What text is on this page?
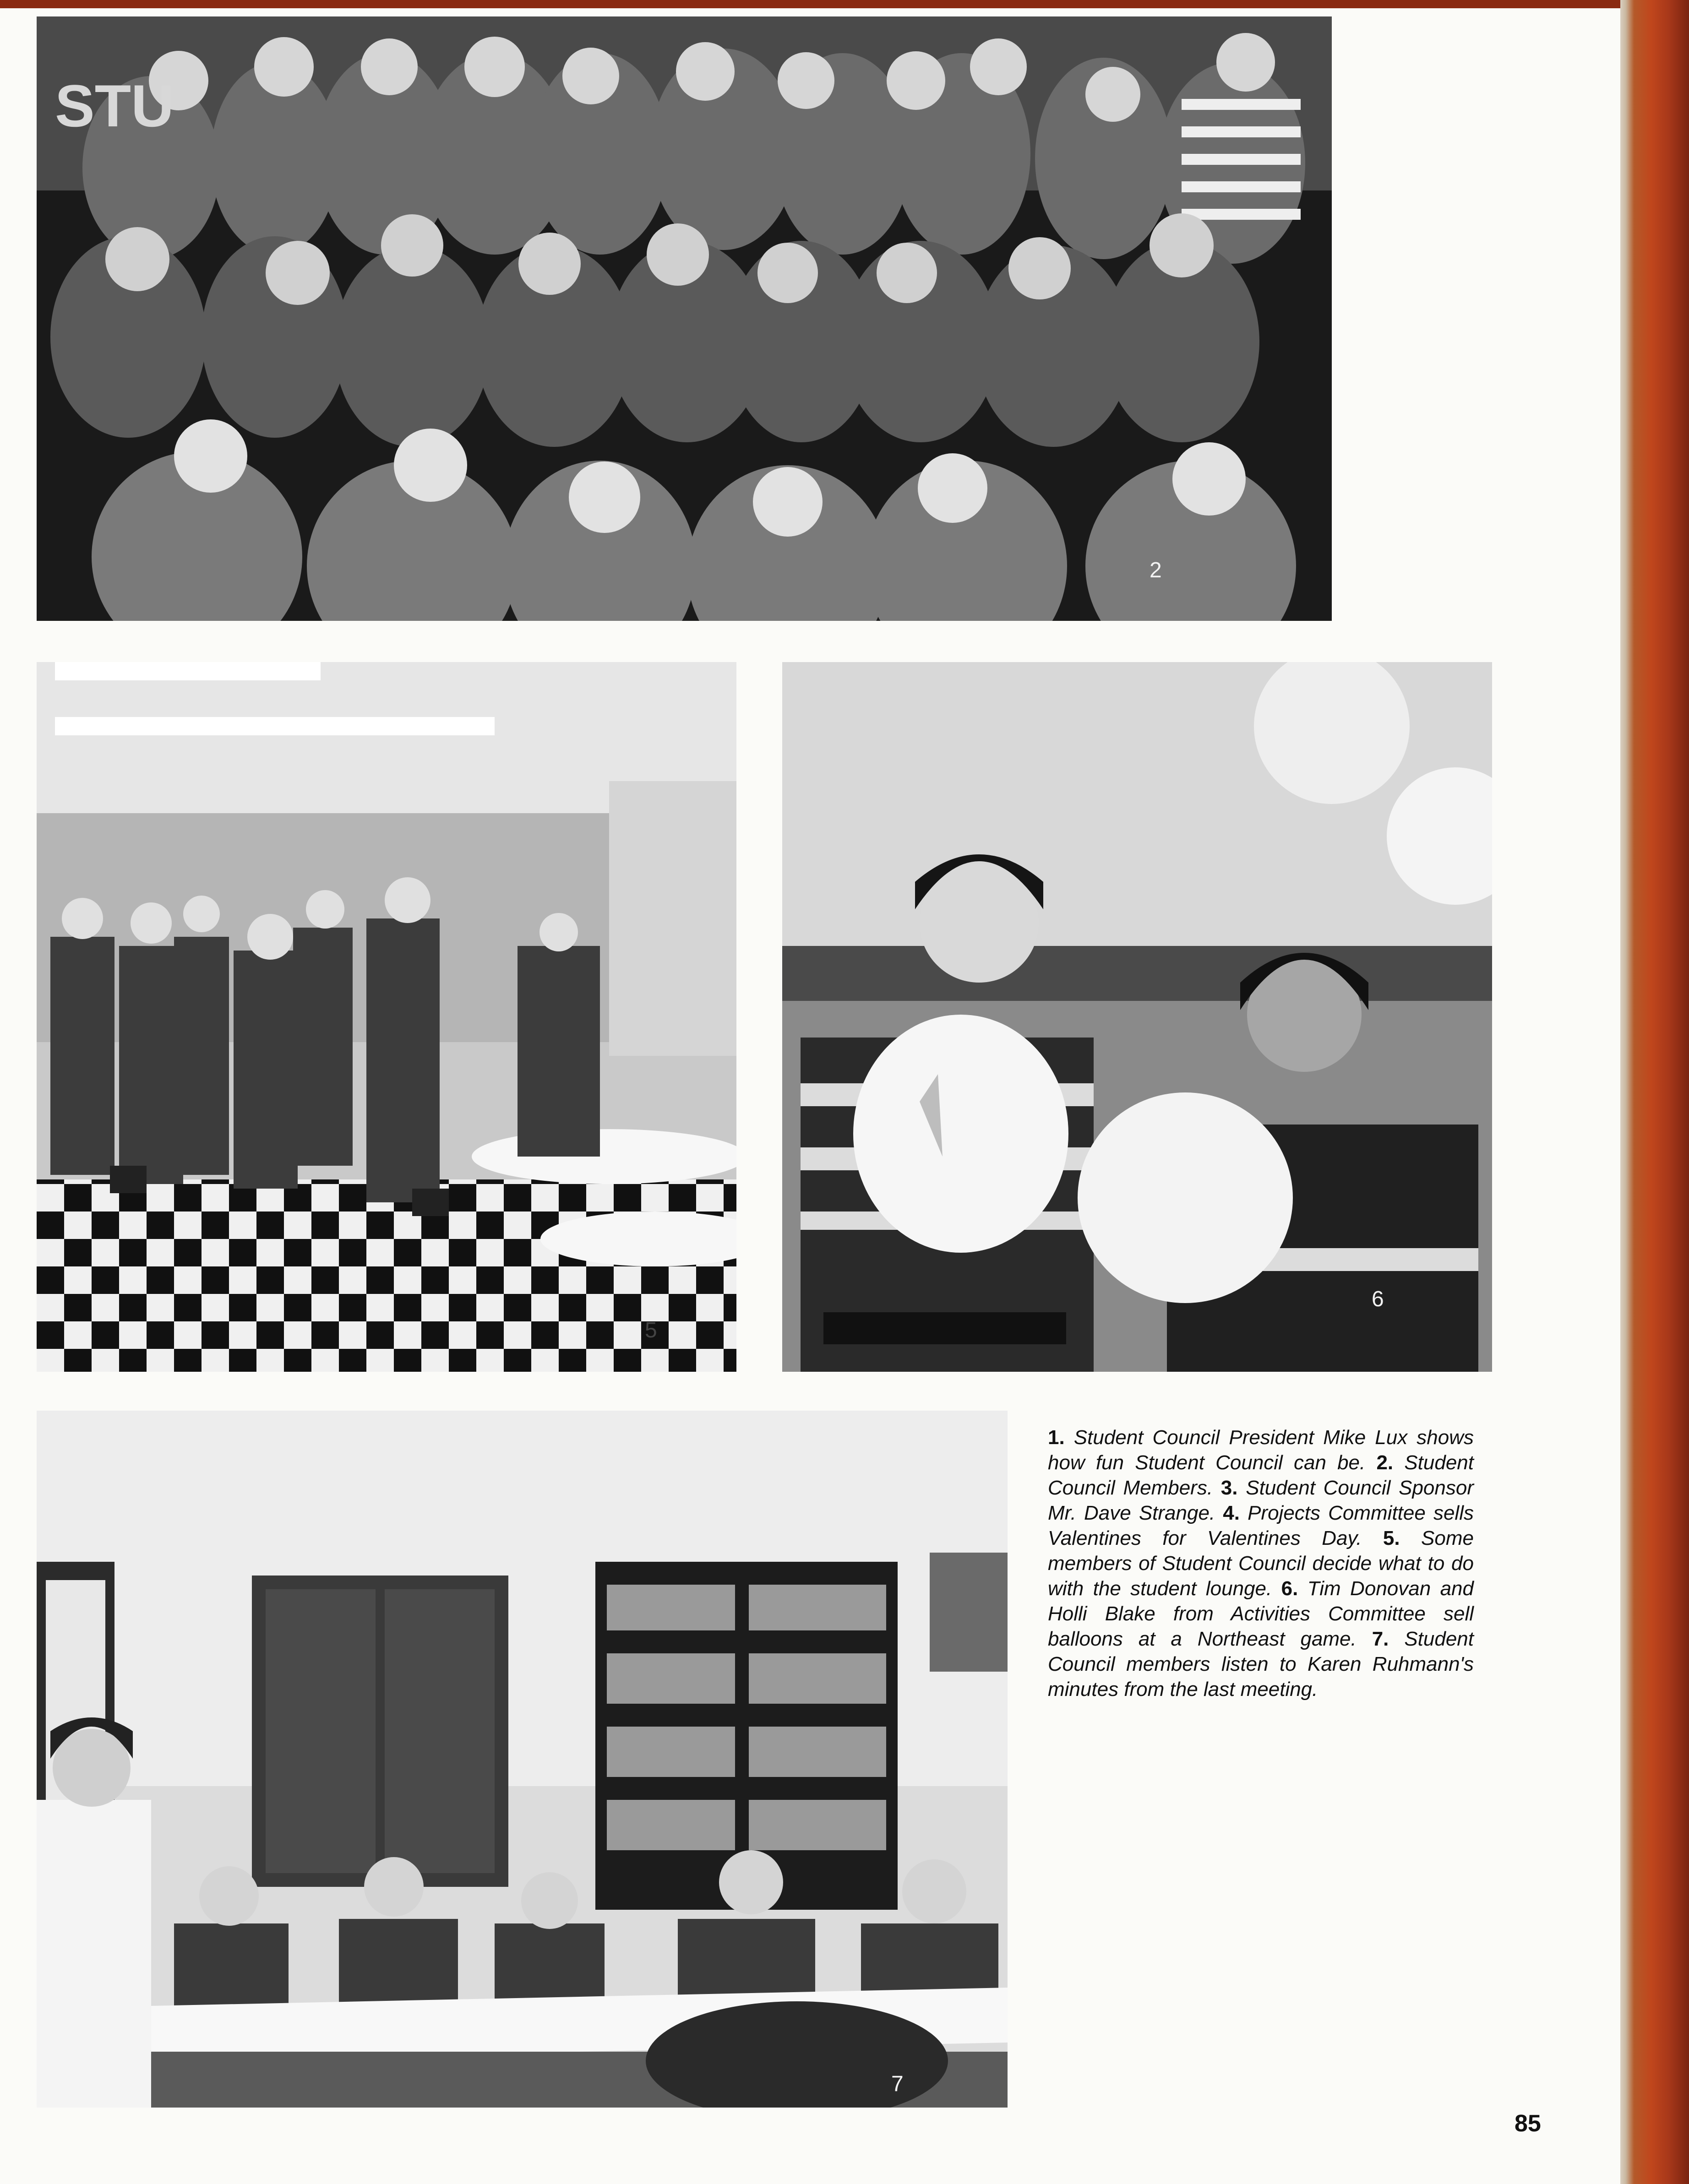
STU
2
5
6
7
1. Student Council President Mike Lux shows how fun Student Council can be. 2. Student Council Members. 3. Student Council Sponsor Mr. Dave Strange. 4. Projects Committee sells Valentines for Valentines Day. 5. Some members of Student Council decide what to do with the student lounge. 6. Tim Donovan and Holli Blake from Activities Committee sell balloons at a Northeast game. 7. Student Council members listen to Karen Ruhmann's minutes from the last meeting.
85
